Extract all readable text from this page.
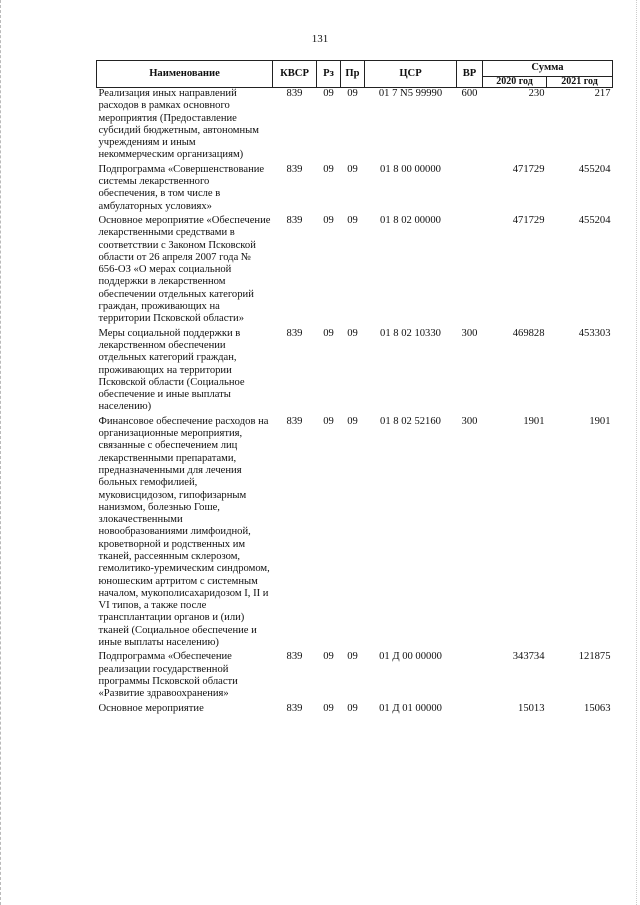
131
Наименование	КВСР	Рз	Пр	ЦСР	ВР	Сумма	
						2020 год	2021 год
Реализация иных направлений расходов в рамках основного мероприятия (Предоставление субсидий бюджетным, автономным учреждениям и иным некоммерческим организациям)	839	09	09	01 7 N5 99990	600	230	217
Подпрограмма «Совершенствование системы лекарственного обеспечения, в том числе в амбулаторных условиях»	839	09	09	01 8 00 00000		471729	455204
Основное мероприятие «Обеспечение лекарственными средствами в соответствии с Законом Псковской области от 26 апреля 2007 года № 656-ОЗ «О мерах социальной поддержки в лекарственном обеспечении отдельных категорий граждан, проживающих на территории Псковской области»	839	09	09	01 8 02 00000		471729	455204
Меры социальной поддержки в лекарственном обеспечении отдельных категорий граждан, проживающих на территории Псковской области (Социальное обеспечение и иные выплаты населению)	839	09	09	01 8 02 10330	300	469828	453303
Финансовое обеспечение расходов на организационные мероприятия, связанные с обеспечением лиц лекарственными препаратами, предназначенными для лечения больных гемофилией, муковисцидозом, гипофизарным нанизмом, болезнью Гоше, злокачественными новообразованиями лимфоидной, кроветворной и родственных им тканей, рассеянным склерозом, гемолитико-уремическим синдромом, юношеским артритом с системным началом, мукополисахаридозом I, II и VI типов, а также после трансплантации органов и (или) тканей (Социальное обеспечение и иные выплаты населению)	839	09	09	01 8 02 52160	300	1901	1901
Подпрограмма «Обеспечение реализации государственной программы Псковской области «Развитие здравоохранения»	839	09	09	01 Д 00 00000		343734	121875
Основное мероприятие	839	09	09	01 Д 01 00000		15013	15063
